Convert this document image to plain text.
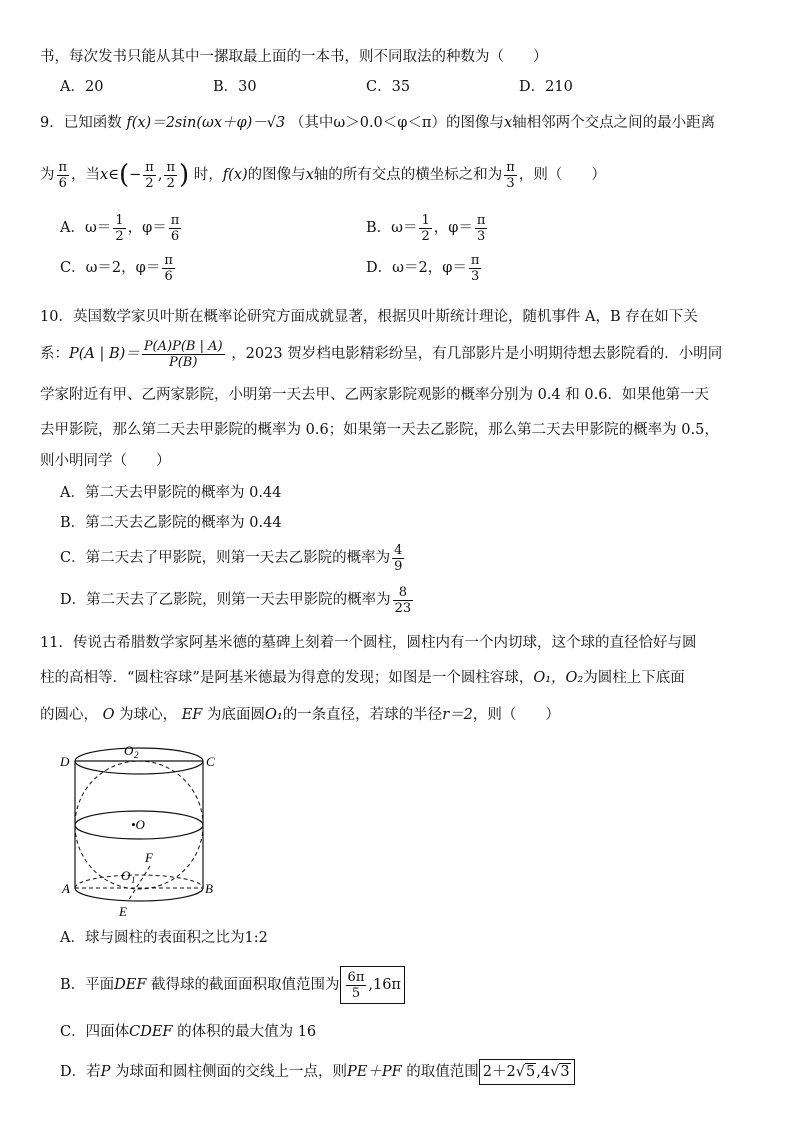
书，每次发书只能从其中一摞取最上面的一本书，则不同取法的种数为（　　）
A．20	B．30	C．35	D．210
9．已知函数 f(x)＝2sin(ωx＋φ)－√3 （其中ω＞0.0＜φ＜π）的图像与x轴相邻两个交点之间的最小距离
为 $\frac{\pi}{6}$ ，当x∈(− $\frac{\pi}{2}$ , $\frac{\pi}{2}$ ) 时，f(x)的图像与x轴的所有交点的横坐标之和为 $\frac{\pi}{3}$ ，则（　　）
A．$\omega= \frac{1}{2}$ ，$\varphi= \frac{\pi}{6}$	B．$\omega= \frac{1}{2}$ ，$\varphi= \frac{\pi}{3}$
C．ω＝2，$\varphi= \frac{\pi}{6}$	D．ω＝2，$\varphi= \frac{\pi}{3}$
10．英国数学家贝叶斯在概率论研究方面成就显著，根据贝叶斯统计理论，随机事件 A，B 存在如下关
系：P(A | $B)= \frac{P(A)P(B | A)}{P(B)}$ ，2023 贺岁档电影精彩纷呈，有几部影片是小明期待想去影院看的．小明同
学家附近有甲、乙两家影院，小明第一天去甲、乙两家影院观影的概率分别为 0.4 和 0.6．如果他第一天
去甲影院，那么第二天去甲影院的概率为 0.6；如果第一天去乙影院，那么第二天去甲影院的概率为 0.5，
则小明同学（　　）
A．第二天去甲影院的概率为 0.44
B．第二天去乙影院的概率为 0.44
C．第二天去了甲影院，则第一天去乙影院的概率为 $\frac{4}{9}$
D．第二天去了乙影院，则第一天去甲影院的概率为 $\frac{8}{23}$
11．传说古希腊数学家阿基米德的墓碑上刻着一个圆柱，圆柱内有一个内切球，这个球的直径恰好与圆
柱的高相等．“圆柱容球”是阿基米德最为得意的发现；如图是一个圆柱容球，O₁，O₂为圆柱上下底面
的圆心， O 为球心， EF 为底面圆O₁的一条直径，若球的半径r＝2，则（　　）
D	C
O 2
•O
F
O 1
A	B
E
A．球与圆柱的表面积之比为1:2
B．平面DEF 截得球的截面面积取值范围为 $\frac{6\pi}{5} ,16\pi$
C．四面体CDEF 的体积的最大值为 16
D．若P 为球面和圆柱侧面的交线上一点，则PE＋PF 的取值范围 2＋2√5,4√3
